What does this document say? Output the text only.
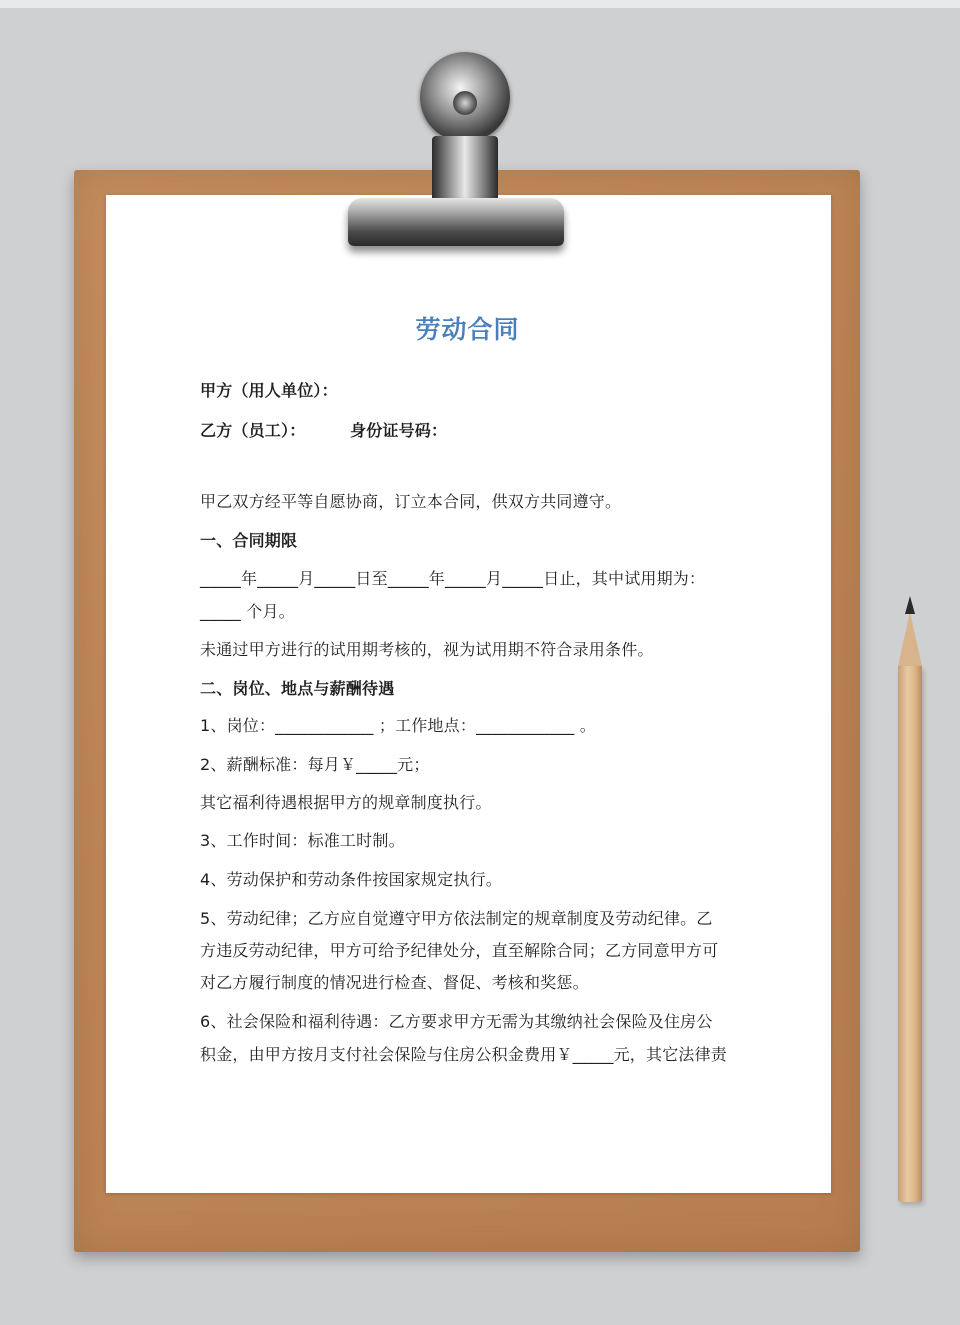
劳动合同
甲方（用人单位）：
乙方（员工）：	身份证号码：
甲乙双方经平等自愿协商，订立本合同，供双方共同遵守。
一、合同期限
_____年_____月_____日至_____年_____月_____日止，其中试用期为：
_____ 个月。
未通过甲方进行的试用期考核的，视为试用期不符合录用条件。
二、岗位、地点与薪酬待遇
1、岗位：____________ ；工作地点：____________ 。
2、薪酬标准：每月￥_____元；
其它福利待遇根据甲方的规章制度执行。
3、工作时间：标准工时制。
4、劳动保护和劳动条件按国家规定执行。
5、劳动纪律；乙方应自觉遵守甲方依法制定的规章制度及劳动纪律。乙
方违反劳动纪律，甲方可给予纪律处分，直至解除合同；乙方同意甲方可
对乙方履行制度的情况进行检查、督促、考核和奖惩。
6、社会保险和福利待遇：乙方要求甲方无需为其缴纳社会保险及住房公
积金，由甲方按月支付社会保险与住房公积金费用￥_____元，其它法律责
